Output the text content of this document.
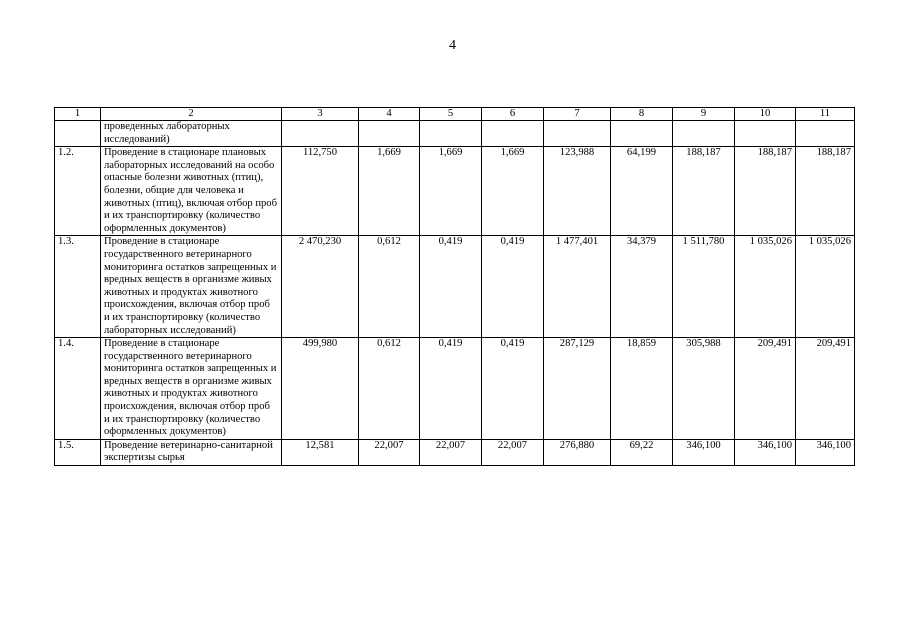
4
1	2	3	4	5	6	7	8	9	10	11
	проведенных лабораторных исследований)									
1.2.	Проведение в стационаре плановых лабораторных исследований на особо опасные болезни животных (птиц), болезни, общие для человека и животных (птиц), включая отбор проб и их транспортировку (количество оформленных документов)	112,750	1,669	1,669	1,669	123,988	64,199	188,187	188,187	188,187
1.3.	Проведение в стационаре государственного ветеринарного мониторинга остатков запрещенных и вредных веществ в организме живых животных и продуктах животного происхождения, включая отбор проб и их транспортировку (количество лабораторных исследований)	2 470,230	0,612	0,419	0,419	1 477,401	34,379	1 511,780	1 035,026	1 035,026
1.4.	Проведение в стационаре государственного ветеринарного мониторинга остатков запрещенных и вредных веществ в организме живых животных и продуктах животного происхождения, включая отбор проб и их транспортировку (количество оформленных документов)	499,980	0,612	0,419	0,419	287,129	18,859	305,988	209,491	209,491
1.5.	Проведение ветеринарно-санитарной экспертизы сырья	12,581	22,007	22,007	22,007	276,880	69,22	346,100	346,100	346,100
